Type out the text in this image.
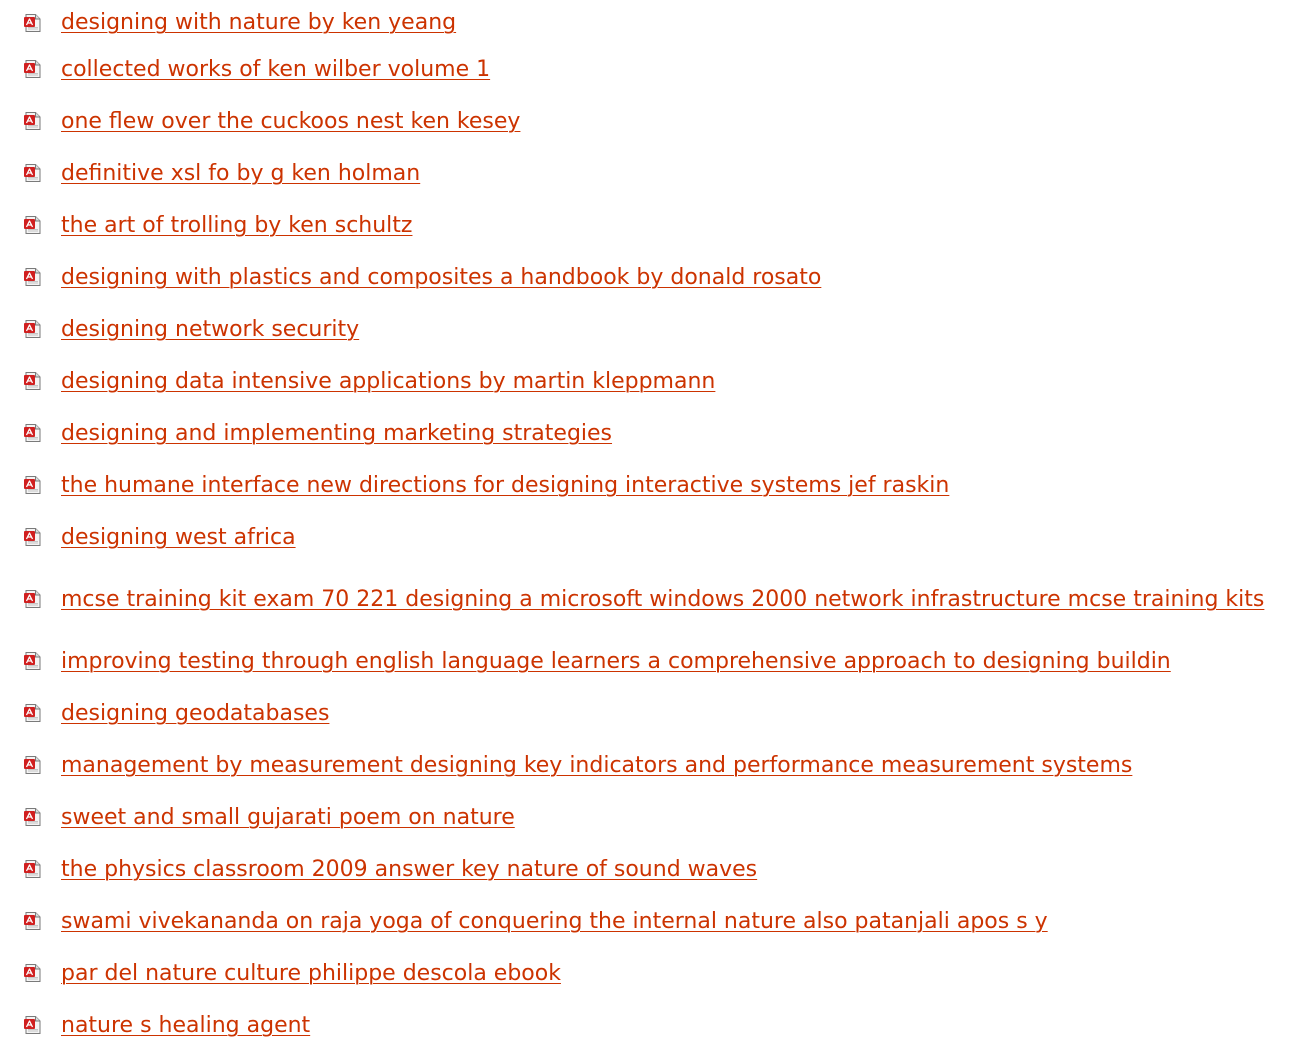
designing with nature by ken yeang
collected works of ken wilber volume 1
one flew over the cuckoos nest ken kesey
definitive xsl fo by g ken holman
the art of trolling by ken schultz
designing with plastics and composites a handbook by donald rosato
designing network security
designing data intensive applications by martin kleppmann
designing and implementing marketing strategies
the humane interface new directions for designing interactive systems jef raskin
designing west africa
mcse training kit exam 70 221 designing a microsoft windows 2000 network infrastructure mcse training kits
improving testing through english language learners a comprehensive approach to designing buildin
designing geodatabases
management by measurement designing key indicators and performance measurement systems
sweet and small gujarati poem on nature
the physics classroom 2009 answer key nature of sound waves
swami vivekananda on raja yoga of conquering the internal nature also patanjali apos s y
par del nature culture philippe descola ebook
nature s healing agent
